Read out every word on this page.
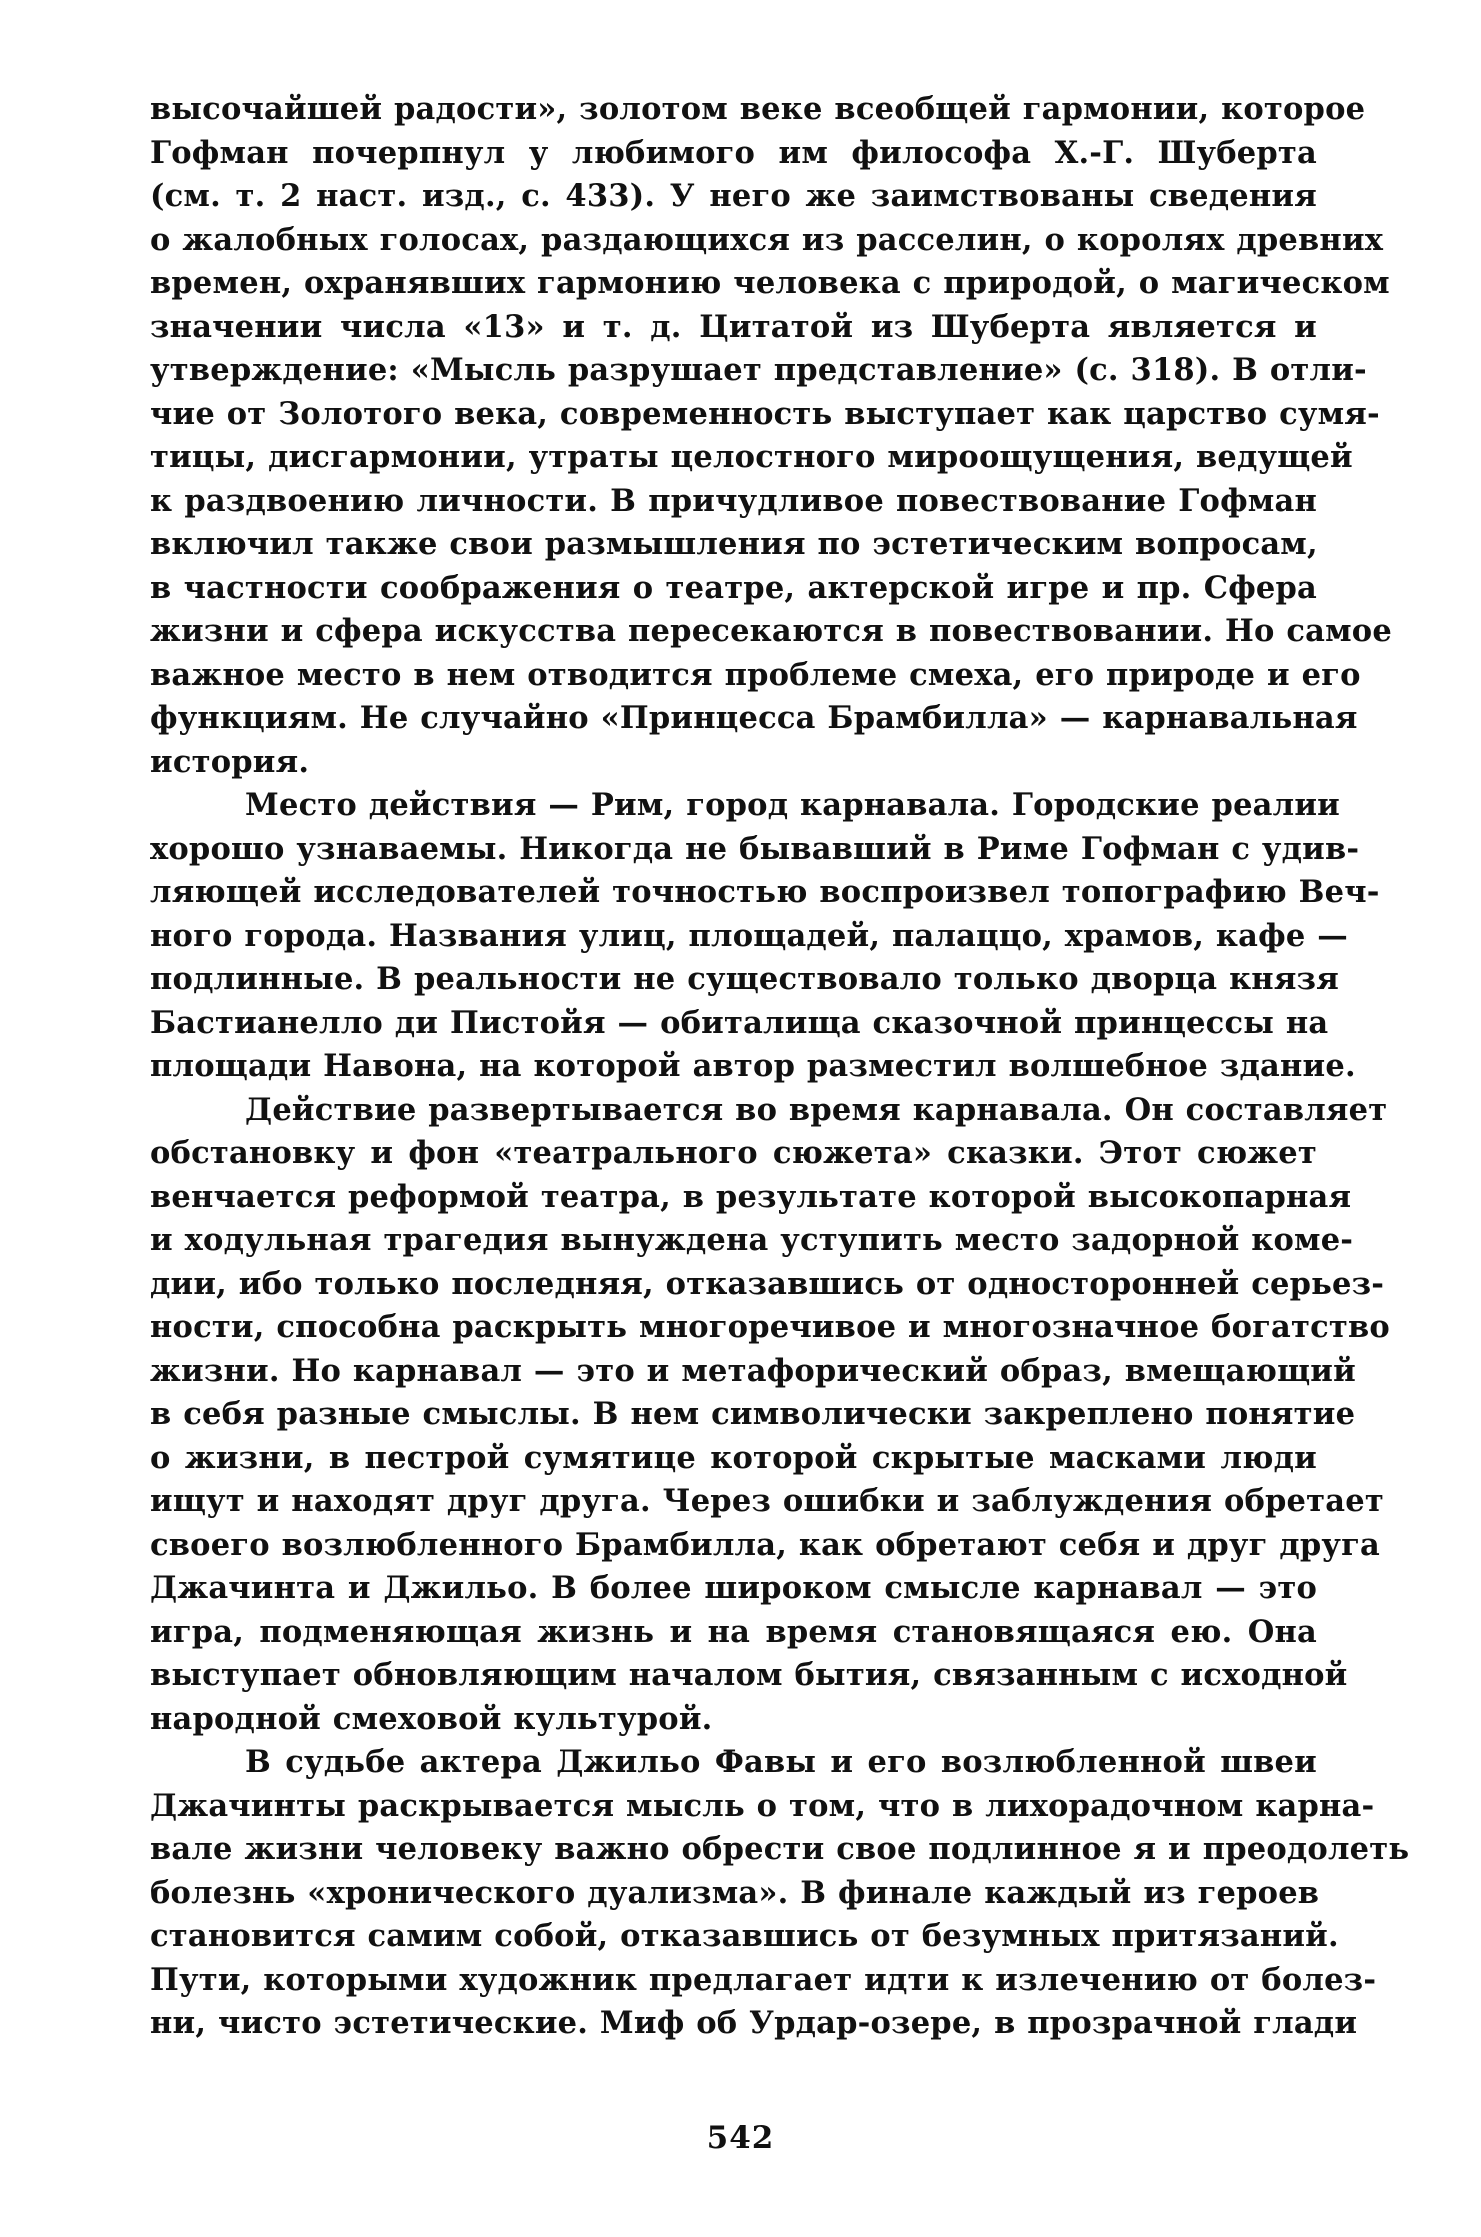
высочайшей радости», золотом веке всеобщей гармонии, которое
Гофман почерпнул у любимого им философа Х.-Г. Шуберта
(см. т. 2 наст. изд., с. 433). У него же заимствованы сведения
о жалобных голосах, раздающихся из расселин, о королях древних
времен, охранявших гармонию человека с природой, о магическом
значении числа «13» и т. д. Цитатой из Шуберта является и
утверждение: «Мысль разрушает представление» (с. 318). В отли-
чие от Золотого века, современность выступает как царство сумя-
тицы, дисгармонии, утраты целостного мироощущения, ведущей
к раздвоению личности. В причудливое повествование Гофман
включил также свои размышления по эстетическим вопросам,
в частности соображения о театре, актерской игре и пр. Сфера
жизни и сфера искусства пересекаются в повествовании. Но самое
важное место в нем отводится проблеме смеха, его природе и его
функциям. Не случайно «Принцесса Брамбилла» — карнавальная
история.
Место действия — Рим, город карнавала. Городские реалии
хорошо узнаваемы. Никогда не бывавший в Риме Гофман с удив-
ляющей исследователей точностью воспроизвел топографию Веч-
ного города. Названия улиц, площадей, палаццо, храмов, кафе —
подлинные. В реальности не существовало только дворца князя
Бастианелло ди Пистойя — обиталища сказочной принцессы на
площади Навона, на которой автор разместил волшебное здание.
Действие развертывается во время карнавала. Он составляет
обстановку и фон «театрального сюжета» сказки. Этот сюжет
венчается реформой театра, в результате которой высокопарная
и ходульная трагедия вынуждена уступить место задорной коме-
дии, ибо только последняя, отказавшись от односторонней серьез-
ности, способна раскрыть многоречивое и многозначное богатство
жизни. Но карнавал — это и метафорический образ, вмещающий
в себя разные смыслы. В нем символически закреплено понятие
о жизни, в пестрой сумятице которой скрытые масками люди
ищут и находят друг друга. Через ошибки и заблуждения обретает
своего возлюбленного Брамбилла, как обретают себя и друг друга
Джачинта и Джильо. В более широком смысле карнавал — это
игра, подменяющая жизнь и на время становящаяся ею. Она
выступает обновляющим началом бытия, связанным с исходной
народной смеховой культурой.
В судьбе актера Джильо Фавы и его возлюбленной швеи
Джачинты раскрывается мысль о том, что в лихорадочном карна-
вале жизни человеку важно обрести свое подлинное я и преодолеть
болезнь «хронического дуализма». В финале каждый из героев
становится самим собой, отказавшись от безумных притязаний.
Пути, которыми художник предлагает идти к излечению от болез-
ни, чисто эстетические. Миф об Урдар-озере, в прозрачной глади
542
